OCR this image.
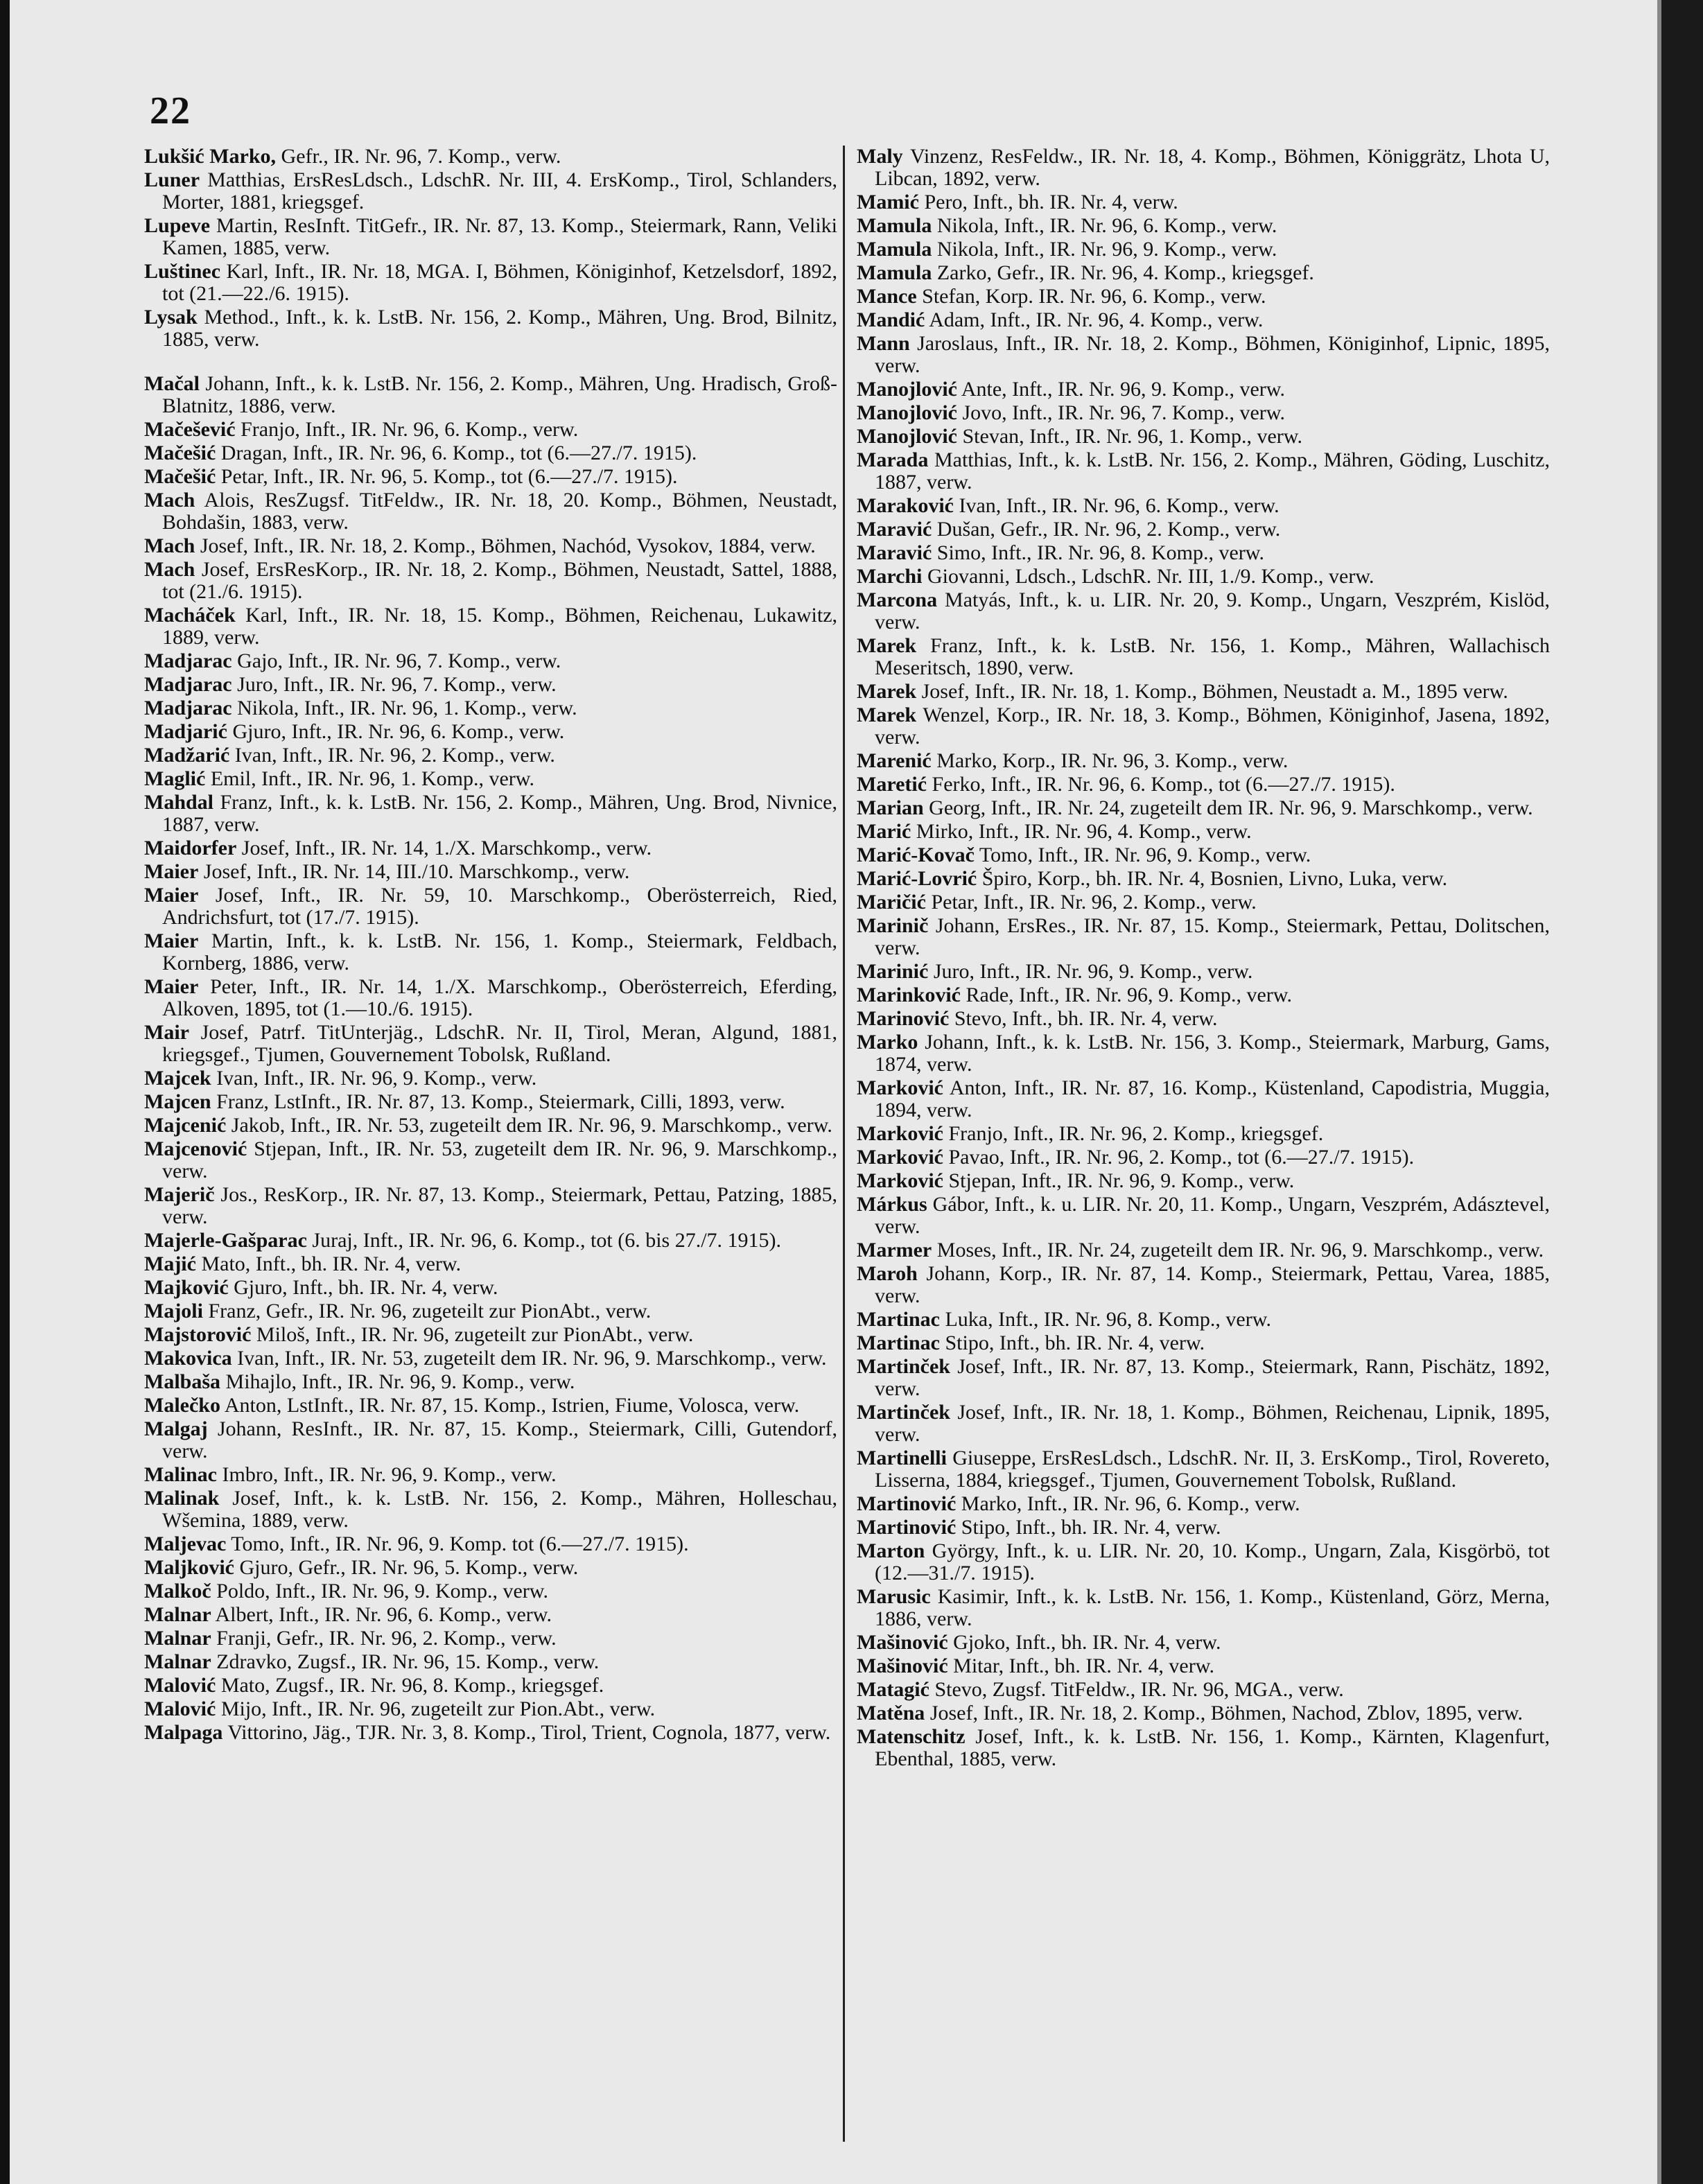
22

Lukšić Marko, Gefr., IR. Nr. 96, 7. Komp., verw.

Luner Matthias, ErsResLdsch., LdschR. Nr. III, 4. ErsKomp., Tirol, Schlanders, Morter, 1881, kriegsgef.

Lupeve Martin, ResInft. TitGefr., IR. Nr. 87, 13. Komp., Steiermark, Rann, Veliki Kamen, 1885, verw.

Luštinec Karl, Inft., IR. Nr. 18, MGA. I, Böhmen, Königinhof, Ketzelsdorf, 1892, tot (21.—22./6. 1915).

Lysak Method., Inft., k. k. LstB. Nr. 156, 2. Komp., Mähren, Ung. Brod, Bilnitz, 1885, verw.

Mačal Johann, Inft., k. k. LstB. Nr. 156, 2. Komp., Mähren, Ung. Hradisch, Groß-Blatnitz, 1886, verw.

Mačešević Franjo, Inft., IR. Nr. 96, 6. Komp., verw.

Mačešić Dragan, Inft., IR. Nr. 96, 6. Komp., tot (6.—27./7. 1915).

Mačešić Petar, Inft., IR. Nr. 96, 5. Komp., tot (6.—27./7. 1915).

Mach Alois, ResZugsf. TitFeldw., IR. Nr. 18, 20. Komp., Böhmen, Neustadt, Bohdašin, 1883, verw.

Mach Josef, Inft., IR. Nr. 18, 2. Komp., Böhmen, Nachód, Vysokov, 1884, verw.

Mach Josef, ErsResKorp., IR. Nr. 18, 2. Komp., Böhmen, Neustadt, Sattel, 1888, tot (21./6. 1915).

Macháček Karl, Inft., IR. Nr. 18, 15. Komp., Böhmen, Reichenau, Lukawitz, 1889, verw.

Madjarac Gajo, Inft., IR. Nr. 96, 7. Komp., verw.

Madjarac Juro, Inft., IR. Nr. 96, 7. Komp., verw.

Madjarac Nikola, Inft., IR. Nr. 96, 1. Komp., verw.

Madjarić Gjuro, Inft., IR. Nr. 96, 6. Komp., verw.

Madžarić Ivan, Inft., IR. Nr. 96, 2. Komp., verw.

Maglić Emil, Inft., IR. Nr. 96, 1. Komp., verw.

Mahdal Franz, Inft., k. k. LstB. Nr. 156, 2. Komp., Mähren, Ung. Brod, Nivnice, 1887, verw.

Maidorfer Josef, Inft., IR. Nr. 14, 1./X. Marschkomp., verw.

Maier Josef, Inft., IR. Nr. 14, III./10. Marschkomp., verw.

Maier Josef, Inft., IR. Nr. 59, 10. Marschkomp., Oberösterreich, Ried, Andrichsfurt, tot (17./7. 1915).

Maier Martin, Inft., k. k. LstB. Nr. 156, 1. Komp., Steiermark, Feldbach, Kornberg, 1886, verw.

Maier Peter, Inft., IR. Nr. 14, 1./X. Marschkomp., Oberösterreich, Eferding, Alkoven, 1895, tot (1.—10./6. 1915).

Mair Josef, Patrf. TitUnterjäg., LdschR. Nr. II, Tirol, Meran, Algund, 1881, kriegsgef., Tjumen, Gouvernement Tobolsk, Rußland.

Majcek Ivan, Inft., IR. Nr. 96, 9. Komp., verw.

Majcen Franz, LstInft., IR. Nr. 87, 13. Komp., Steiermark, Cilli, 1893, verw.

Majcenić Jakob, Inft., IR. Nr. 53, zugeteilt dem IR. Nr. 96, 9. Marschkomp., verw.

Majcenović Stjepan, Inft., IR. Nr. 53, zugeteilt dem IR. Nr. 96, 9. Marschkomp., verw.

Majerič Jos., ResKorp., IR. Nr. 87, 13. Komp., Steiermark, Pettau, Patzing, 1885, verw.

Majerle-Gašparac Juraj, Inft., IR. Nr. 96, 6. Komp., tot (6. bis 27./7. 1915).

Majić Mato, Inft., bh. IR. Nr. 4, verw.

Majković Gjuro, Inft., bh. IR. Nr. 4, verw.

Majoli Franz, Gefr., IR. Nr. 96, zugeteilt zur PionAbt., verw.

Majstorović Miloš, Inft., IR. Nr. 96, zugeteilt zur PionAbt., verw.

Makovica Ivan, Inft., IR. Nr. 53, zugeteilt dem IR. Nr. 96, 9. Marschkomp., verw.

Malbaša Mihajlo, Inft., IR. Nr. 96, 9. Komp., verw.

Malečko Anton, LstInft., IR. Nr. 87, 15. Komp., Istrien, Fiume, Volosca, verw.

Malgaj Johann, ResInft., IR. Nr. 87, 15. Komp., Steiermark, Cilli, Gutendorf, verw.

Malinac Imbro, Inft., IR. Nr. 96, 9. Komp., verw.

Malinak Josef, Inft., k. k. LstB. Nr. 156, 2. Komp., Mähren, Holleschau, Wšemina, 1889, verw.

Maljevac Tomo, Inft., IR. Nr. 96, 9. Komp. tot (6.—27./7. 1915).

Maljković Gjuro, Gefr., IR. Nr. 96, 5. Komp., verw.

Malkoč Poldo, Inft., IR. Nr. 96, 9. Komp., verw.

Malnar Albert, Inft., IR. Nr. 96, 6. Komp., verw.

Malnar Franji, Gefr., IR. Nr. 96, 2. Komp., verw.

Malnar Zdravko, Zugsf., IR. Nr. 96, 15. Komp., verw.

Malović Mato, Zugsf., IR. Nr. 96, 8. Komp., kriegsgef.

Malović Mijo, Inft., IR. Nr. 96, zugeteilt zur Pion.Abt., verw.

Malpaga Vittorino, Jäg., TJR. Nr. 3, 8. Komp., Tirol, Trient, Cognola, 1877, verw.

Maly Vinzenz, ResFeldw., IR. Nr. 18, 4. Komp., Böhmen, Königgrätz, Lhota U, Libcan, 1892, verw.

Mamić Pero, Inft., bh. IR. Nr. 4, verw.

Mamula Nikola, Inft., IR. Nr. 96, 6. Komp., verw.

Mamula Nikola, Inft., IR. Nr. 96, 9. Komp., verw.

Mamula Zarko, Gefr., IR. Nr. 96, 4. Komp., kriegsgef.

Mance Stefan, Korp. IR. Nr. 96, 6. Komp., verw.

Mandić Adam, Inft., IR. Nr. 96, 4. Komp., verw.

Mann Jaroslaus, Inft., IR. Nr. 18, 2. Komp., Böhmen, Königinhof, Lipnic, 1895, verw.

Manojlović Ante, Inft., IR. Nr. 96, 9. Komp., verw.

Manojlović Jovo, Inft., IR. Nr. 96, 7. Komp., verw.

Manojlović Stevan, Inft., IR. Nr. 96, 1. Komp., verw.

Marada Matthias, Inft., k. k. LstB. Nr. 156, 2. Komp., Mähren, Göding, Luschitz, 1887, verw.

Maraković Ivan, Inft., IR. Nr. 96, 6. Komp., verw.

Maravić Dušan, Gefr., IR. Nr. 96, 2. Komp., verw.

Maravić Simo, Inft., IR. Nr. 96, 8. Komp., verw.

Marchi Giovanni, Ldsch., LdschR. Nr. III, 1./9. Komp., verw.

Marcona Matyás, Inft., k. u. LIR. Nr. 20, 9. Komp., Ungarn, Veszprém, Kislöd, verw.

Marek Franz, Inft., k. k. LstB. Nr. 156, 1. Komp., Mähren, Wallachisch Meseritsch, 1890, verw.

Marek Josef, Inft., IR. Nr. 18, 1. Komp., Böhmen, Neustadt a. M., 1895 verw.

Marek Wenzel, Korp., IR. Nr. 18, 3. Komp., Böhmen, Königinhof, Jasena, 1892, verw.

Marenić Marko, Korp., IR. Nr. 96, 3. Komp., verw.

Maretić Ferko, Inft., IR. Nr. 96, 6. Komp., tot (6.—27./7. 1915).

Marian Georg, Inft., IR. Nr. 24, zugeteilt dem IR. Nr. 96, 9. Marschkomp., verw.

Marić Mirko, Inft., IR. Nr. 96, 4. Komp., verw.

Marić-Kovač Tomo, Inft., IR. Nr. 96, 9. Komp., verw.

Marić-Lovrić Špiro, Korp., bh. IR. Nr. 4, Bosnien, Livno, Luka, verw.

Maričić Petar, Inft., IR. Nr. 96, 2. Komp., verw.

Marinič Johann, ErsRes., IR. Nr. 87, 15. Komp., Steiermark, Pettau, Dolitschen, verw.

Marinić Juro, Inft., IR. Nr. 96, 9. Komp., verw.

Marinković Rade, Inft., IR. Nr. 96, 9. Komp., verw.

Marinović Stevo, Inft., bh. IR. Nr. 4, verw.

Marko Johann, Inft., k. k. LstB. Nr. 156, 3. Komp., Steiermark, Marburg, Gams, 1874, verw.

Marković Anton, Inft., IR. Nr. 87, 16. Komp., Küstenland, Capodistria, Muggia, 1894, verw.

Marković Franjo, Inft., IR. Nr. 96, 2. Komp., kriegsgef.

Marković Pavao, Inft., IR. Nr. 96, 2. Komp., tot (6.—27./7. 1915).

Marković Stjepan, Inft., IR. Nr. 96, 9. Komp., verw.

Márkus Gábor, Inft., k. u. LIR. Nr. 20, 11. Komp., Ungarn, Veszprém, Adásztevel, verw.

Marmer Moses, Inft., IR. Nr. 24, zugeteilt dem IR. Nr. 96, 9. Marschkomp., verw.

Maroh Johann, Korp., IR. Nr. 87, 14. Komp., Steiermark, Pettau, Varea, 1885, verw.

Martinac Luka, Inft., IR. Nr. 96, 8. Komp., verw.

Martinac Stipo, Inft., bh. IR. Nr. 4, verw.

Martinček Josef, Inft., IR. Nr. 87, 13. Komp., Steiermark, Rann, Pischätz, 1892, verw.

Martinček Josef, Inft., IR. Nr. 18, 1. Komp., Böhmen, Reichenau, Lipnik, 1895, verw.

Martinelli Giuseppe, ErsResLdsch., LdschR. Nr. II, 3. ErsKomp., Tirol, Rovereto, Lisserna, 1884, kriegsgef., Tjumen, Gouvernement Tobolsk, Rußland.

Martinović Marko, Inft., IR. Nr. 96, 6. Komp., verw.

Martinović Stipo, Inft., bh. IR. Nr. 4, verw.

Marton György, Inft., k. u. LIR. Nr. 20, 10. Komp., Ungarn, Zala, Kisgörbö, tot (12.—31./7. 1915).

Marusic Kasimir, Inft., k. k. LstB. Nr. 156, 1. Komp., Küstenland, Görz, Merna, 1886, verw.

Mašinović Gjoko, Inft., bh. IR. Nr. 4, verw.

Mašinović Mitar, Inft., bh. IR. Nr. 4, verw.

Matagić Stevo, Zugsf. TitFeldw., IR. Nr. 96, MGA., verw.

Matěna Josef, Inft., IR. Nr. 18, 2. Komp., Böhmen, Nachod, Zblov, 1895, verw.

Matenschitz Josef, Inft., k. k. LstB. Nr. 156, 1. Komp., Kärnten, Klagenfurt, Ebenthal, 1885, verw.
